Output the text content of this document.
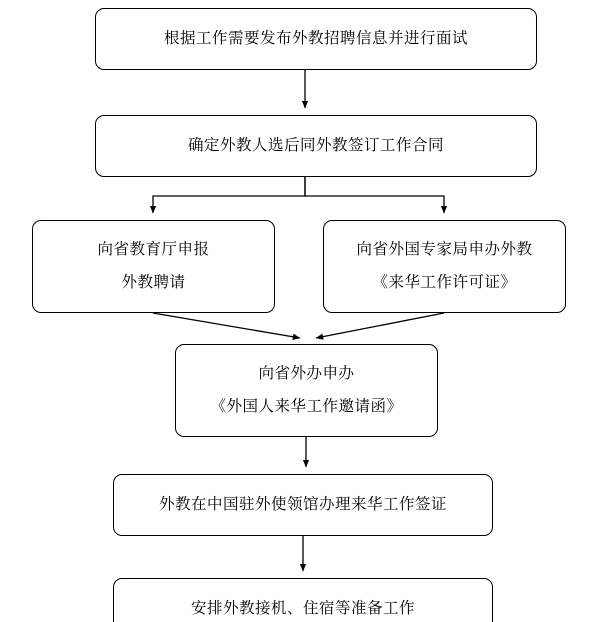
根据工作需要发布外教招聘信息并进行面试
确定外教人选后同外教签订工作合同
向省教育厅申报
外教聘请
向省外国专家局申办外教
《来华工作许可证》
向省外办申办
《外国人来华工作邀请函》
外教在中国驻外使领馆办理来华工作签证
安排外教接机、住宿等准备工作
